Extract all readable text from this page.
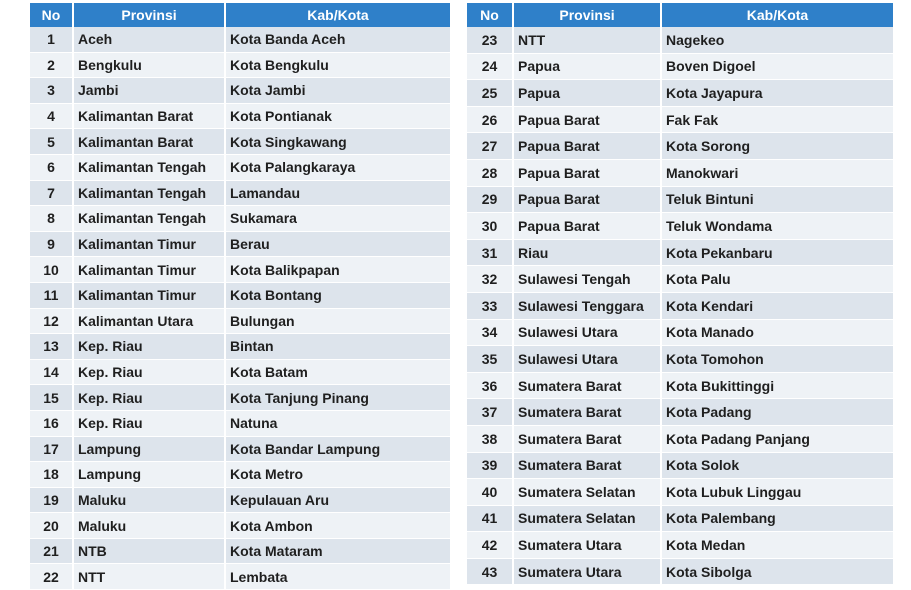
No	Provinsi	Kab/Kota
1	Aceh	Kota Banda Aceh
2	Bengkulu	Kota Bengkulu
3	Jambi	Kota Jambi
4	Kalimantan Barat	Kota Pontianak
5	Kalimantan Barat	Kota Singkawang
6	Kalimantan Tengah	Kota Palangkaraya
7	Kalimantan Tengah	Lamandau
8	Kalimantan Tengah	Sukamara
9	Kalimantan Timur	Berau
10	Kalimantan Timur	Kota Balikpapan
11	Kalimantan Timur	Kota Bontang
12	Kalimantan Utara	Bulungan
13	Kep. Riau	Bintan
14	Kep. Riau	Kota Batam
15	Kep. Riau	Kota Tanjung Pinang
16	Kep. Riau	Natuna
17	Lampung	Kota Bandar Lampung
18	Lampung	Kota Metro
19	Maluku	Kepulauan Aru
20	Maluku	Kota Ambon
21	NTB	Kota Mataram
22	NTT	Lembata
No	Provinsi	Kab/Kota
23	NTT	Nagekeo
24	Papua	Boven Digoel
25	Papua	Kota Jayapura
26	Papua Barat	Fak Fak
27	Papua Barat	Kota Sorong
28	Papua Barat	Manokwari
29	Papua Barat	Teluk Bintuni
30	Papua Barat	Teluk Wondama
31	Riau	Kota Pekanbaru
32	Sulawesi Tengah	Kota Palu
33	Sulawesi Tenggara	Kota Kendari
34	Sulawesi Utara	Kota Manado
35	Sulawesi Utara	Kota Tomohon
36	Sumatera Barat	Kota Bukittinggi
37	Sumatera Barat	Kota Padang
38	Sumatera Barat	Kota Padang Panjang
39	Sumatera Barat	Kota Solok
40	Sumatera Selatan	Kota Lubuk Linggau
41	Sumatera Selatan	Kota Palembang
42	Sumatera Utara	Kota Medan
43	Sumatera Utara	Kota Sibolga
